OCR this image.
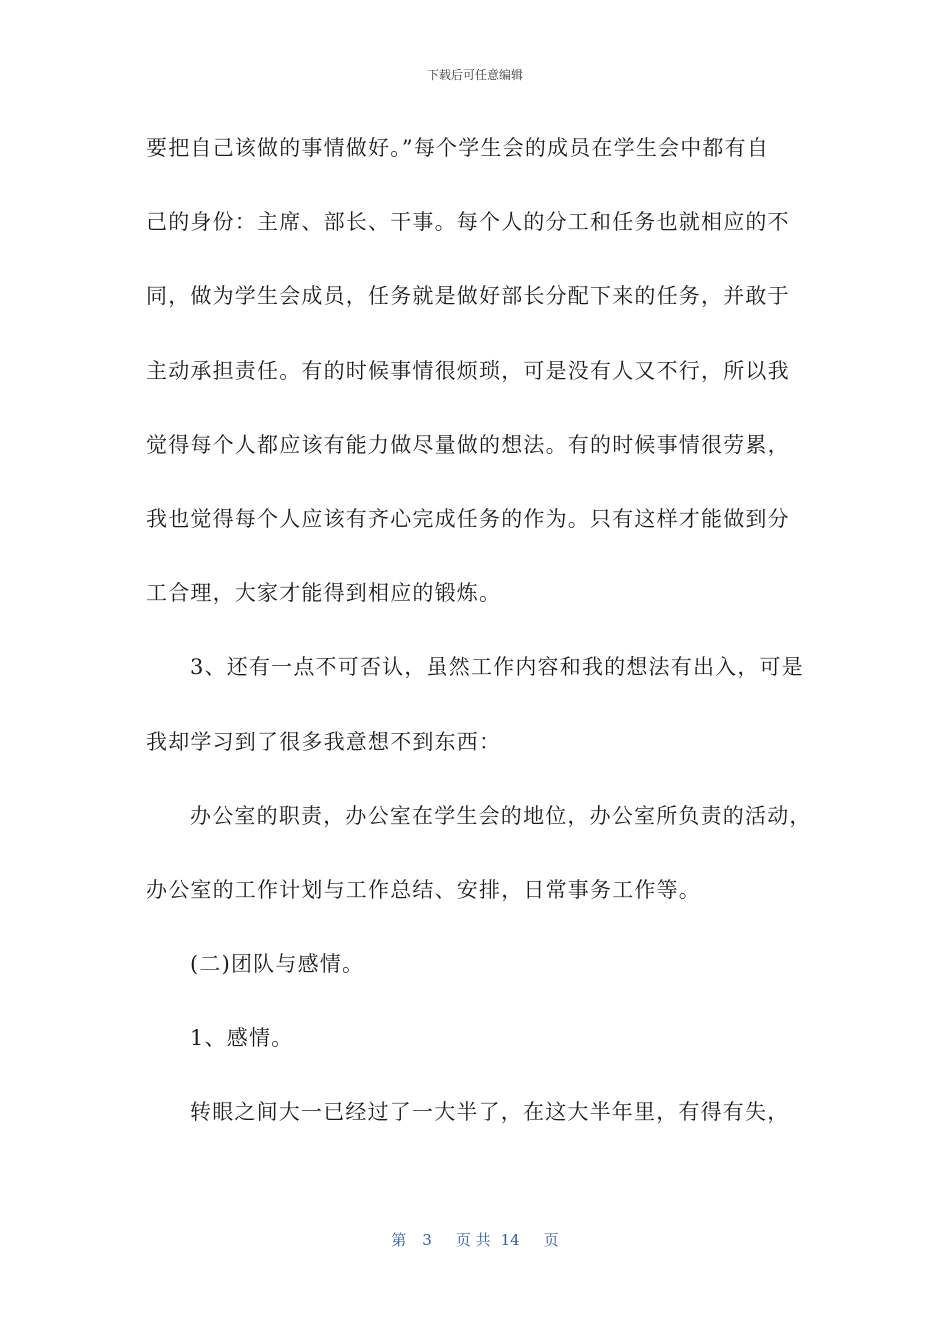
下载后可任意编辑
要把自己该做的事情做好。”每个学生会的成员在学生会中都有自
己的身份：主席、部长、干事。每个人的分工和任务也就相应的不
同，做为学生会成员，任务就是做好部长分配下来的任务，并敢于
主动承担责任。有的时候事情很烦琐，可是没有人又不行，所以我
觉得每个人都应该有能力做尽量做的想法。有的时候事情很劳累，
我也觉得每个人应该有齐心完成任务的作为。只有这样才能做到分
工合理，大家才能得到相应的锻炼。
3、还有一点不可否认，虽然工作内容和我的想法有出入，可是
我却学习到了很多我意想不到东西：
办公室的职责，办公室在学生会的地位，办公室所负责的活动，
办公室的工作计划与工作总结、安排，日常事务工作等。
(二)团队与感情。
1、感情。
转眼之间大一已经过了一大半了，在这大半年里，有得有失，
第 3 页 共 14 页
